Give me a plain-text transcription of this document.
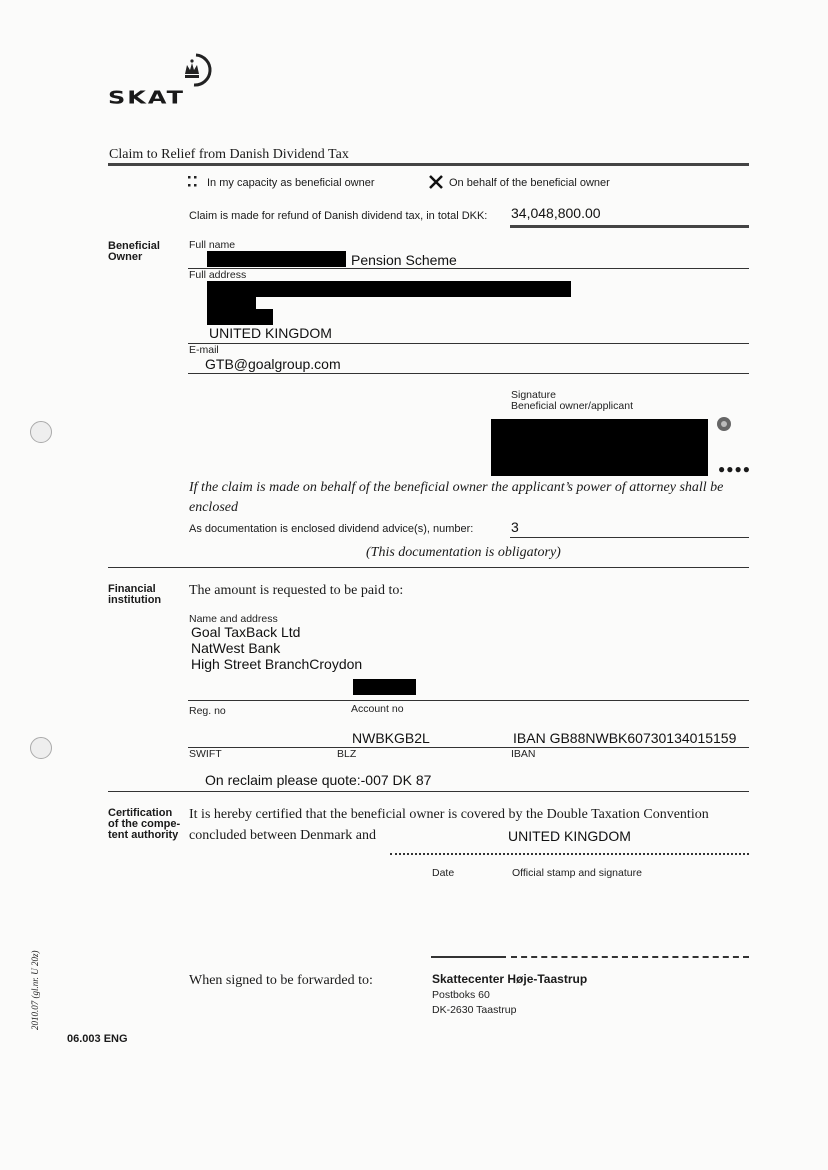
SKAT
Claim to Relief from Danish Dividend Tax
In my capacity as beneficial owner	On behalf of the beneficial owner
Claim is made for refund of Danish dividend tax, in total DKK: 34,048,800.00
Beneficial Owner
Full name
Pension Scheme
Full address
UNITED KINGDOM
E-mail
GTB@goalgroup.com
Signature
Beneficial owner/applicant
●●●●
If the claim is made on behalf of the beneficial owner the applicant’s power of attorney shall be enclosed
As documentation is enclosed dividend advice(s), number:	3
(This documentation is obligatory)
Financial institution
The amount is requested to be paid to:
Name and address
Goal TaxBack Ltd
NatWest Bank
High Street BranchCroydon
Reg. no	Account no
NWBKGB2L	IBAN GB88NWBK60730134015159
SWIFT	BLZ	IBAN
On reclaim please quote:-007 DK 87
Certification of the compe- tent authority
It is hereby certified that the beneficial owner is covered by the Double Taxation Convention
concluded between Denmark and	UNITED KINGDOM
Date	Official stamp and signature
When signed to be forwarded to:	Skattecenter Høje-Taastrup
Postboks 60
DK-2630 Taastrup
2010.07 (gl.nr. U 20z)
06.003 ENG
